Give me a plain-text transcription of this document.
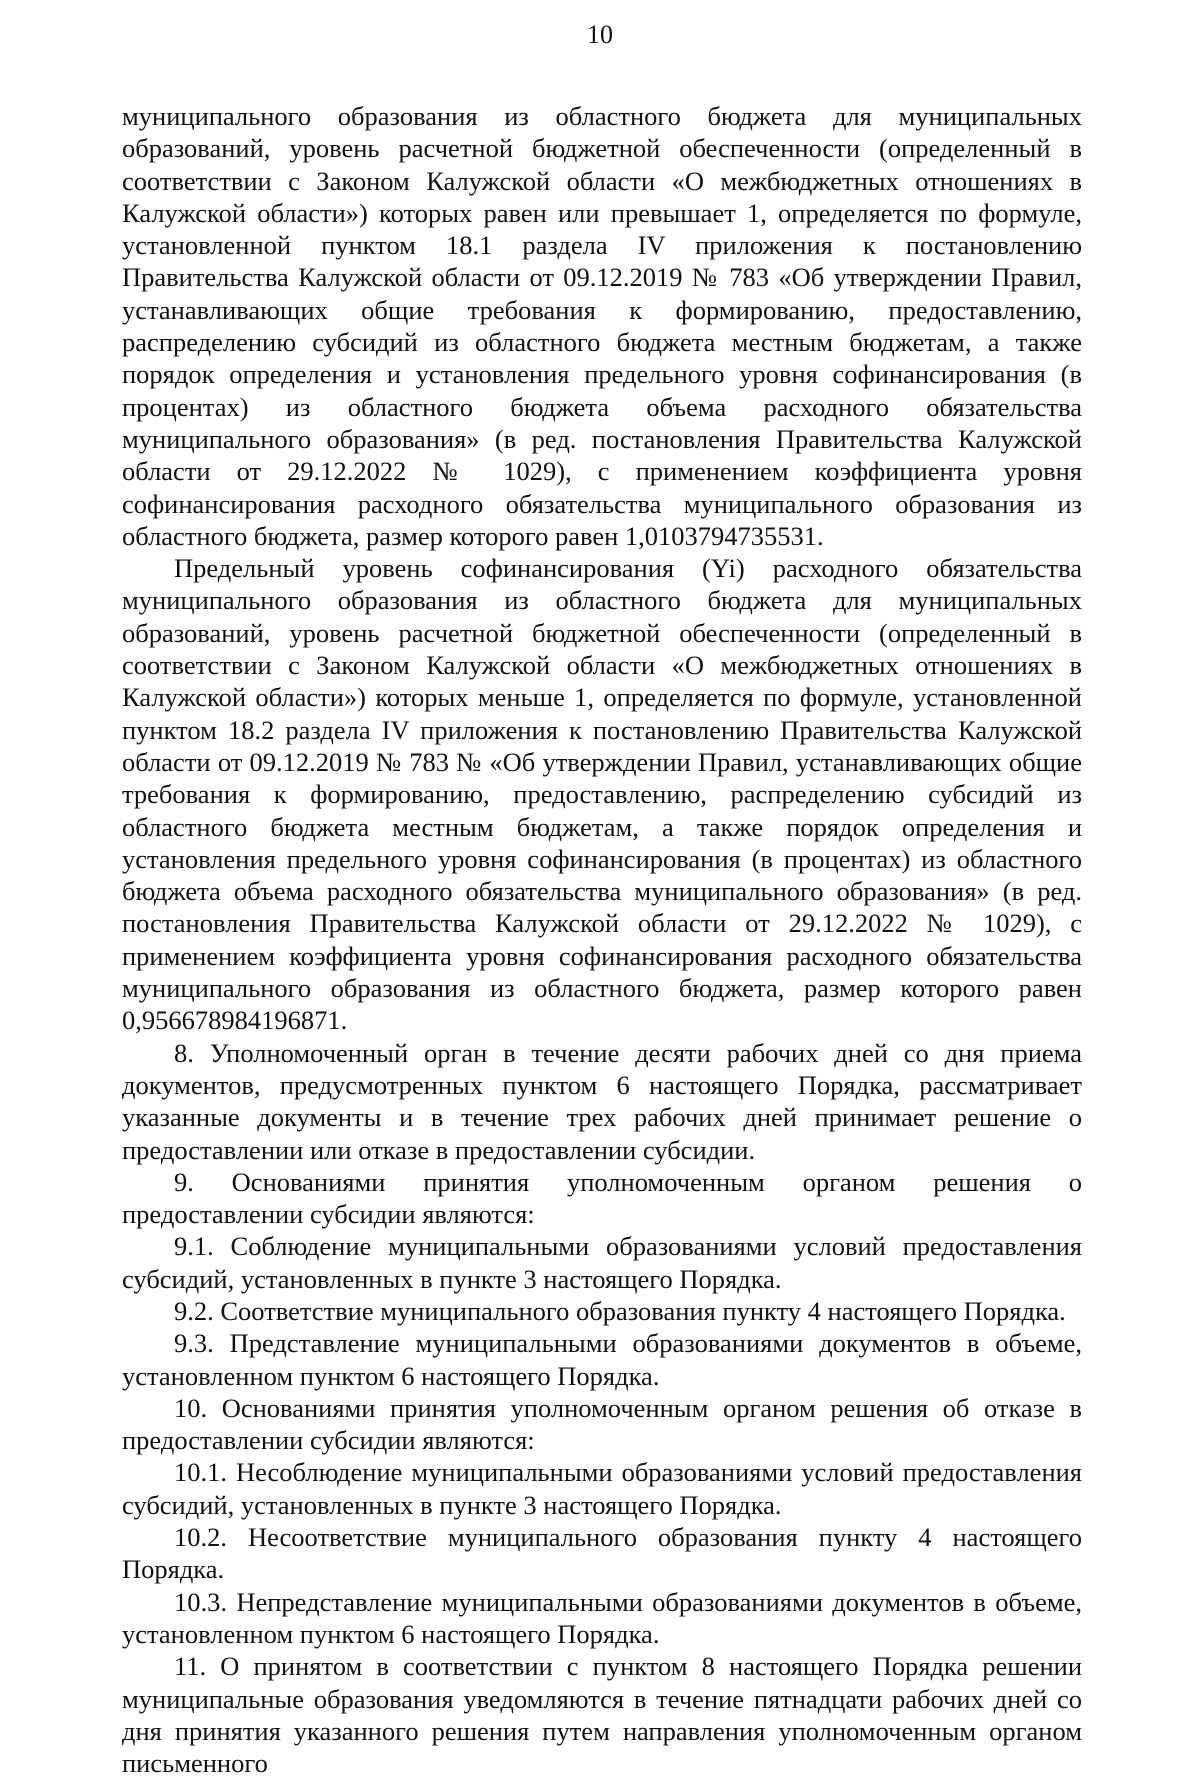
10

муниципального образования из областного бюджета для муниципальных образований, уровень расчетной бюджетной обеспеченности (определенный в соответствии с Законом Калужской области «О межбюджетных отношениях в Калужской области») которых равен или превышает 1, определяется по формуле, установленной пунктом 18.1 раздела IV приложения к постановлению Правительства Калужской области от 09.12.2019 № 783 «Об утверждении Правил, устанавливающих общие требования к формированию, предоставлению, распределению субсидий из областного бюджета местным бюджетам, а также порядок определения и установления предельного уровня софинансирования (в процентах) из областного бюджета объема расходного обязательства муниципального образования» (в ред. постановления Правительства Калужской области от 29.12.2022 № 1029), с применением коэффициента уровня софинансирования расходного обязательства муниципального образования из областного бюджета, размер которого равен 1,0103794735531.

Предельный уровень софинансирования (Yi) расходного обязательства муниципального образования из областного бюджета для муниципальных образований, уровень расчетной бюджетной обеспеченности (определенный в соответствии с Законом Калужской области «О межбюджетных отношениях в Калужской области») которых меньше 1, определяется по формуле, установленной пунктом 18.2 раздела IV приложения к постановлению Правительства Калужской области от 09.12.2019 № 783 № «Об утверждении Правил, устанавливающих общие требования к формированию, предоставлению, распределению субсидий из областного бюджета местным бюджетам, а также порядок определения и установления предельного уровня софинансирования (в процентах) из областного бюджета объема расходного обязательства муниципального образования» (в ред. постановления Правительства Калужской области от 29.12.2022 № 1029), с применением коэффициента уровня софинансирования расходного обязательства муниципального образования из областного бюджета, размер которого равен 0,956678984196871.

8. Уполномоченный орган в течение десяти рабочих дней со дня приема документов, предусмотренных пунктом 6 настоящего Порядка, рассматривает указанные документы и в течение трех рабочих дней принимает решение о предоставлении или отказе в предоставлении субсидии.

9. Основаниями принятия уполномоченным органом решения о предоставлении субсидии являются:

9.1. Соблюдение муниципальными образованиями условий предоставления субсидий, установленных в пункте 3 настоящего Порядка.

9.2. Соответствие муниципального образования пункту 4 настоящего Порядка.

9.3. Представление муниципальными образованиями документов в объеме, установленном пунктом 6 настоящего Порядка.

10. Основаниями принятия уполномоченным органом решения об отказе в предоставлении субсидии являются:

10.1. Несоблюдение муниципальными образованиями условий предоставления субсидий, установленных в пункте 3 настоящего Порядка.

10.2. Несоответствие муниципального образования пункту 4 настоящего Порядка.

10.3. Непредставление муниципальными образованиями документов в объеме, установленном пунктом 6 настоящего Порядка.

11. О принятом в соответствии с пунктом 8 настоящего Порядка решении муниципальные образования уведомляются в течение пятнадцати рабочих дней со дня принятия указанного решения путем направления уполномоченным органом письменного
